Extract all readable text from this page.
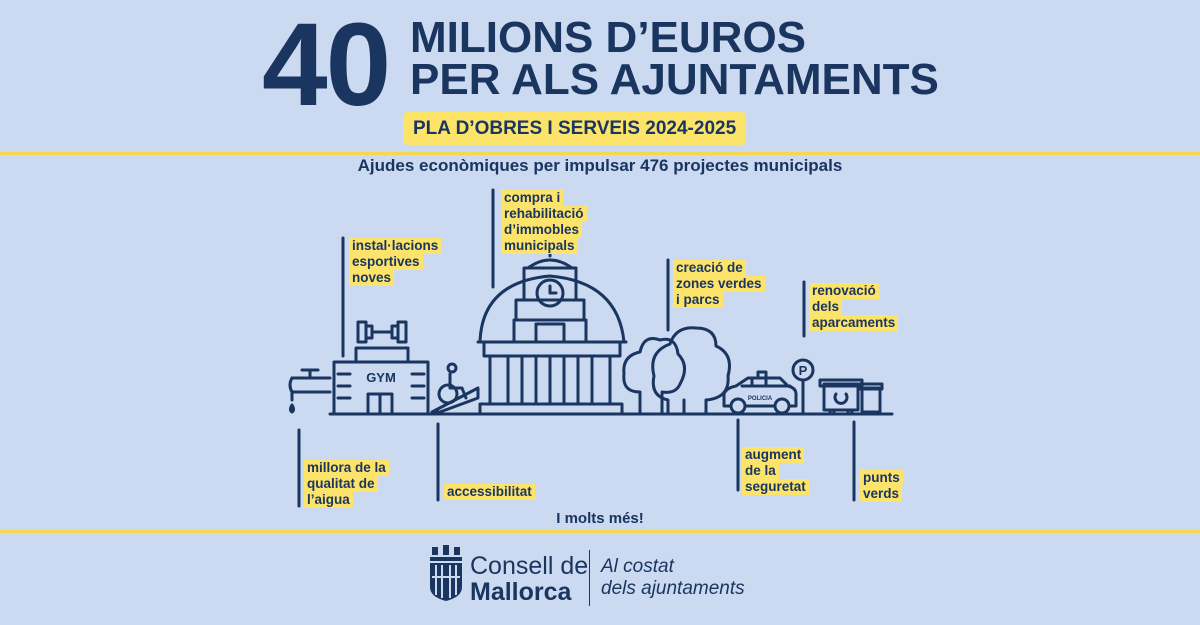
40 MILIONS D’EUROS
PER ALS AJUNTAMENTS
PLA D’OBRES I SERVEIS 2024-2025
Ajudes econòmiques per impulsar 476 projectes municipals
GYM
POLICIA
P
instal·lacions
esportives
noves
compra i
rehabilitació
d’immobles
municipals
creació de
zones verdes
i parcs
renovació
dels
aparcaments
millora de la
qualitat de
l’aigua
accessibilitat
augment
de la
seguretat
punts
verds
I molts més!
Consell de
Mallorca
Al costat
dels ajuntaments
